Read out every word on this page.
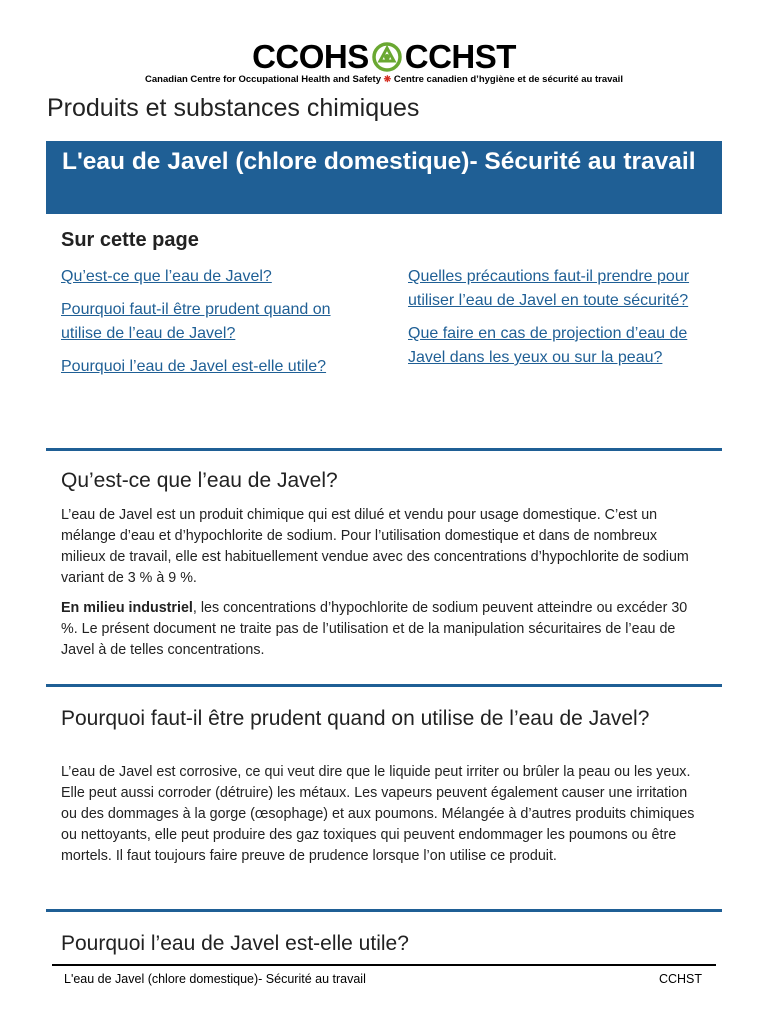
CCOHS CCHST
Canadian Centre for Occupational Health and Safety ❋ Centre canadien d’hygiène et de sécurité au travail
Produits et substances chimiques
L'eau de Javel (chlore domestique)- Sécurité au travail
Sur cette page
Qu’est-ce que l’eau de Javel?
Pourquoi faut-il être prudent quand on utilise de l’eau de Javel?
Pourquoi l’eau de Javel est-elle utile?
Quelles précautions faut-il prendre pour utiliser l’eau de Javel en toute sécurité?
Que faire en cas de projection d’eau de Javel dans les yeux ou sur la peau?
Qu’est-ce que l’eau de Javel?

L’eau de Javel est un produit chimique qui est dilué et vendu pour usage domestique. C’est un mélange d’eau et d’hypochlorite de sodium. Pour l’utilisation domestique et dans de nombreux milieux de travail, elle est habituellement vendue avec des concentrations d’hypochlorite de sodium variant de 3 % à 9 %.

En milieu industriel, les concentrations d’hypochlorite de sodium peuvent atteindre ou excéder 30 %. Le présent document ne traite pas de l’utilisation et de la manipulation sécuritaires de l’eau de Javel à de telles concentrations.

Pourquoi faut-il être prudent quand on utilise de l’eau de Javel?

L’eau de Javel est corrosive, ce qui veut dire que le liquide peut irriter ou brûler la peau ou les yeux. Elle peut aussi corroder (détruire) les métaux. Les vapeurs peuvent également causer une irritation ou des dommages à la gorge (œsophage) et aux poumons. Mélangée à d’autres produits chimiques ou nettoyants, elle peut produire des gaz toxiques qui peuvent endommager les poumons ou être mortels. Il faut toujours faire preuve de prudence lorsque l’on utilise ce produit.

Pourquoi l’eau de Javel est-elle utile?
L'eau de Javel (chlore domestique)- Sécurité au travail	CCHST
